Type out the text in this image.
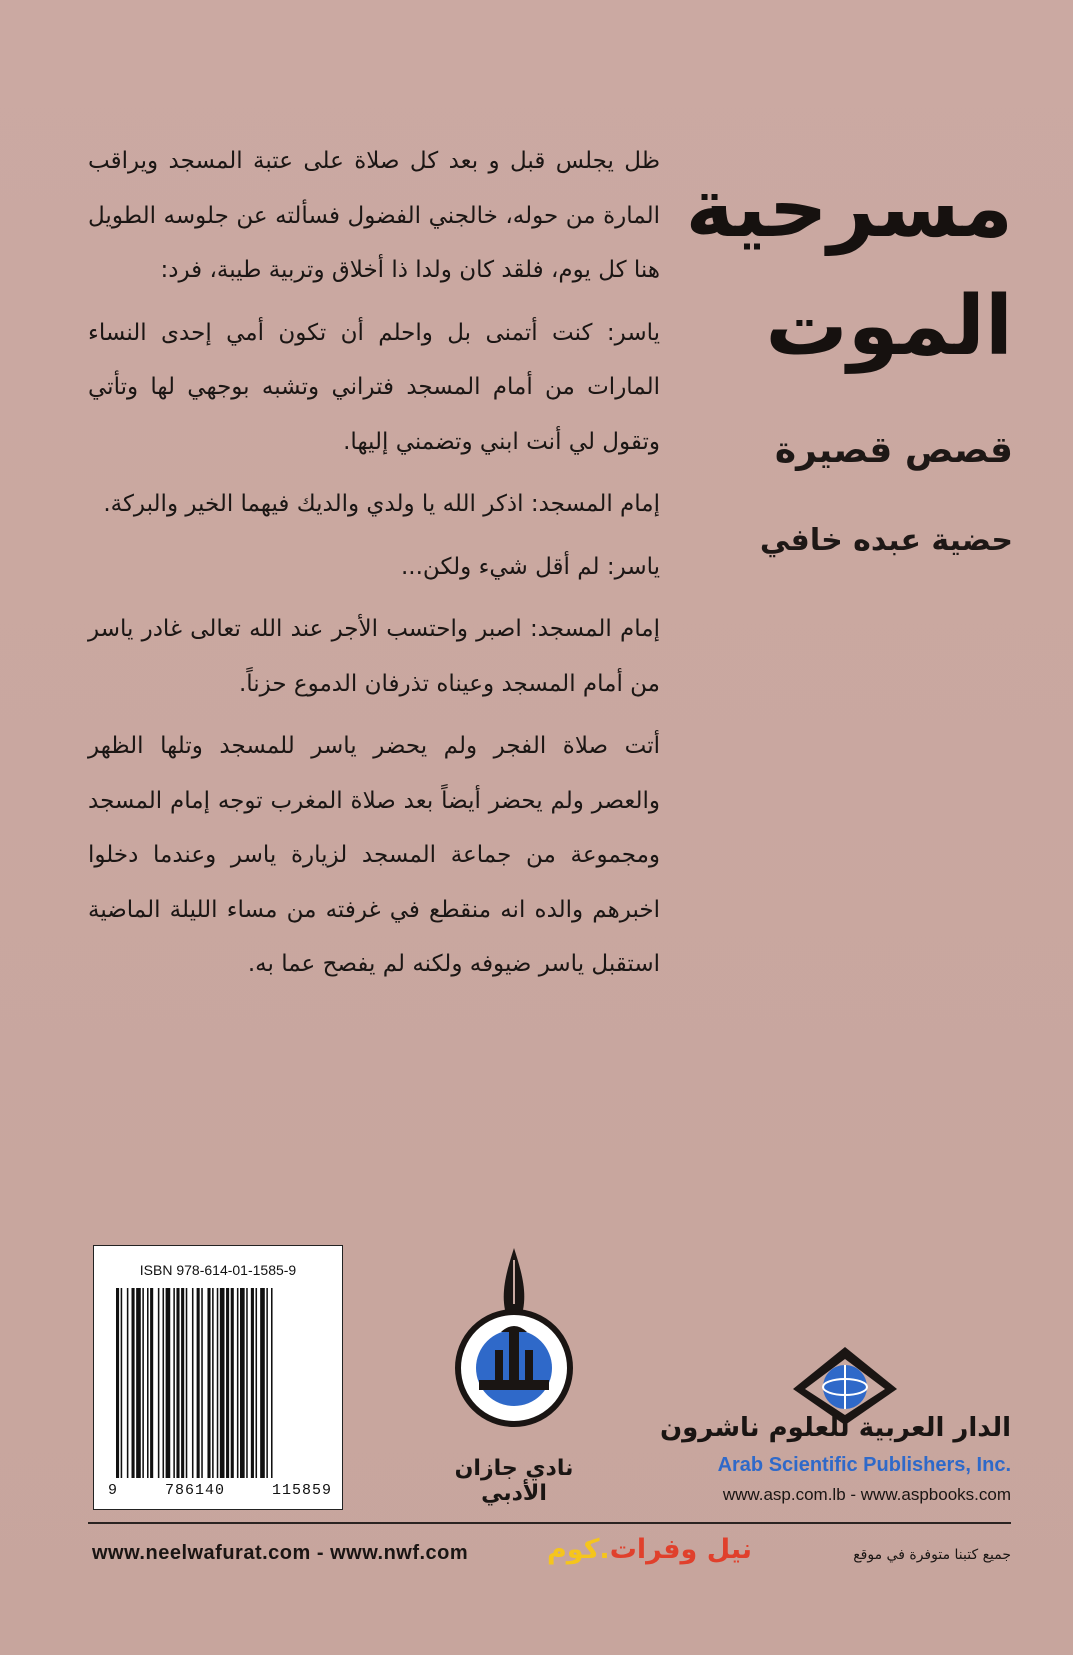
مسرحية
الموت
قصص قصيرة
حضية عبده خافي

ظل يجلس قبل و بعد كل صلاة على عتبة المسجد ويراقب المارة من حوله، خالجني الفضول فسألته عن جلوسه الطويل هنا كل يوم، فلقد كان ولدا ذا أخلاق وتربية طيبة، فرد:

ياسر: كنت أتمنى بل واحلم أن تكون أمي إحدى النساء المارات من أمام المسجد فتراني وتشبه بوجهي لها وتأتي وتقول لي أنت ابني وتضمني إليها.

إمام المسجد: اذكر الله يا ولدي والديك فيهما الخير والبركة.

ياسر: لم أقل شيء ولكن...

إمام المسجد: اصبر واحتسب الأجر عند الله تعالى غادر ياسر من أمام المسجد وعيناه تذرفان الدموع حزناً.

أتت صلاة الفجر ولم يحضر ياسر للمسجد وتلها الظهر والعصر ولم يحضر أيضاً بعد صلاة المغرب توجه إمام المسجد ومجموعة من جماعة المسجد لزيارة ياسر وعندما دخلوا اخبرهم والده انه منقطع في غرفته من مساء الليلة الماضية استقبل ياسر ضيوفه ولكنه لم يفصح عما به.

ISBN 978-614-01-1585-9
9	786140	115859
نادي جازان الأدبي
الدار العربية للعلوم ناشرون
Arab Scientific Publishers, Inc.
www.asp.com.lb - www.aspbooks.com
www.neelwafurat.com - www.nwf.com	نيل وفرات.كوم	جميع كتبنا متوفرة في موقع
